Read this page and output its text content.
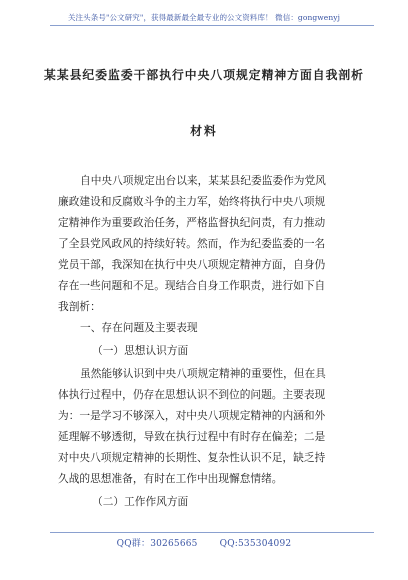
关注头条号"公文研究"，获得最新最全最专业的公文资料库！ 微信：gongwenyj
某某县纪委监委干部执行中央八项规定精神方面自我剖析
材料
自中央八项规定出台以来，某某县纪委监委作为党风
廉政建设和反腐败斗争的主力军，始终将执行中央八项规
定精神作为重要政治任务，严格监督执纪问责，有力推动
了全县党风政风的持续好转。然而，作为纪委监委的一名
党员干部，我深知在执行中央八项规定精神方面，自身仍
存在一些问题和不足。现结合自身工作职责，进行如下自
我剖析：
一、存在问题及主要表现
（一）思想认识方面
虽然能够认识到中央八项规定精神的重要性，但在具
体执行过程中，仍存在思想认识不到位的问题。主要表现
为：一是学习不够深入，对中央八项规定精神的内涵和外
延理解不够透彻，导致在执行过程中有时存在偏差；二是
对中央八项规定精神的长期性、复杂性认识不足，缺乏持
久战的思想准备，有时在工作中出现懈怠情绪。
（二）工作作风方面
QQ群：30265665 QQ:535304092
